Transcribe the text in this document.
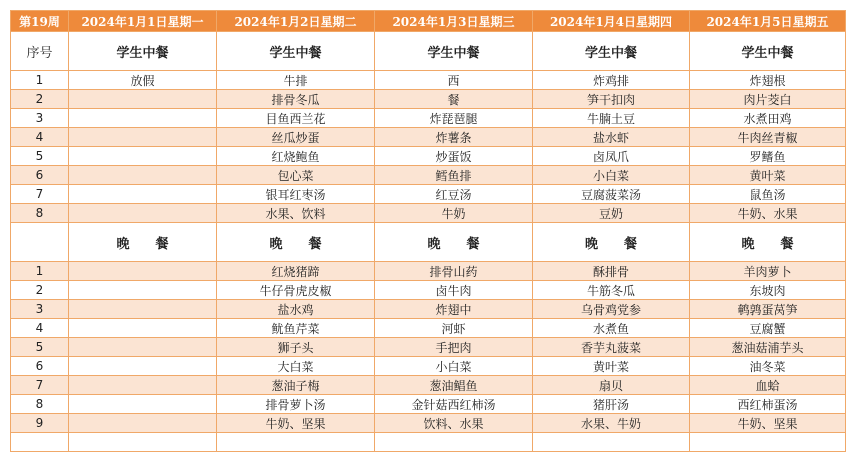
第19周	2024年1月1日星期一	2024年1月2日星期二	2024年1月3日星期三	2024年1月4日星期四	2024年1月5日星期五
序号	学生中餐	学生中餐	学生中餐	学生中餐	学生中餐
1	放假	牛排	西	炸鸡排	炸翅根
2		排骨冬瓜	餐	笋干扣肉	肉片茭白
3		目鱼西兰花	炸琵琶腿	牛腩土豆	水煮田鸡
4		丝瓜炒蛋	炸薯条	盐水虾	牛肉丝青椒
5		红烧鲍鱼	炒蛋饭	卤凤爪	罗鳍鱼
6		包心菜	鳕鱼排	小白菜	黄叶菜
7		银耳红枣汤	红豆汤	豆腐菠菜汤	鼠鱼汤
8		水果、饮料	牛奶	豆奶	牛奶、水果
	晚　　餐	晚　　餐	晚　　餐	晚　　餐	晚　　餐
1		红烧猪蹄	排骨山药	酥排骨	羊肉萝卜
2		牛仔骨虎皮椒	卤牛肉	牛筋冬瓜	东坡肉
3		盐水鸡	炸翅中	乌骨鸡党参	鹌鹑蛋莴笋
4		鱿鱼芹菜	河虾	水煮鱼	豆腐蟹
5		狮子头	手把肉	香芋丸菠菜	葱油菇浦芋头
6		大白菜	小白菜	黄叶菜	油冬菜
7		葱油子梅	葱油鲳鱼	扇贝	血蛤
8		排骨萝卜汤	金针菇西红柿汤	猪肝汤	西红柿蛋汤
9		牛奶、坚果	饮料、水果	水果、牛奶	牛奶、坚果
